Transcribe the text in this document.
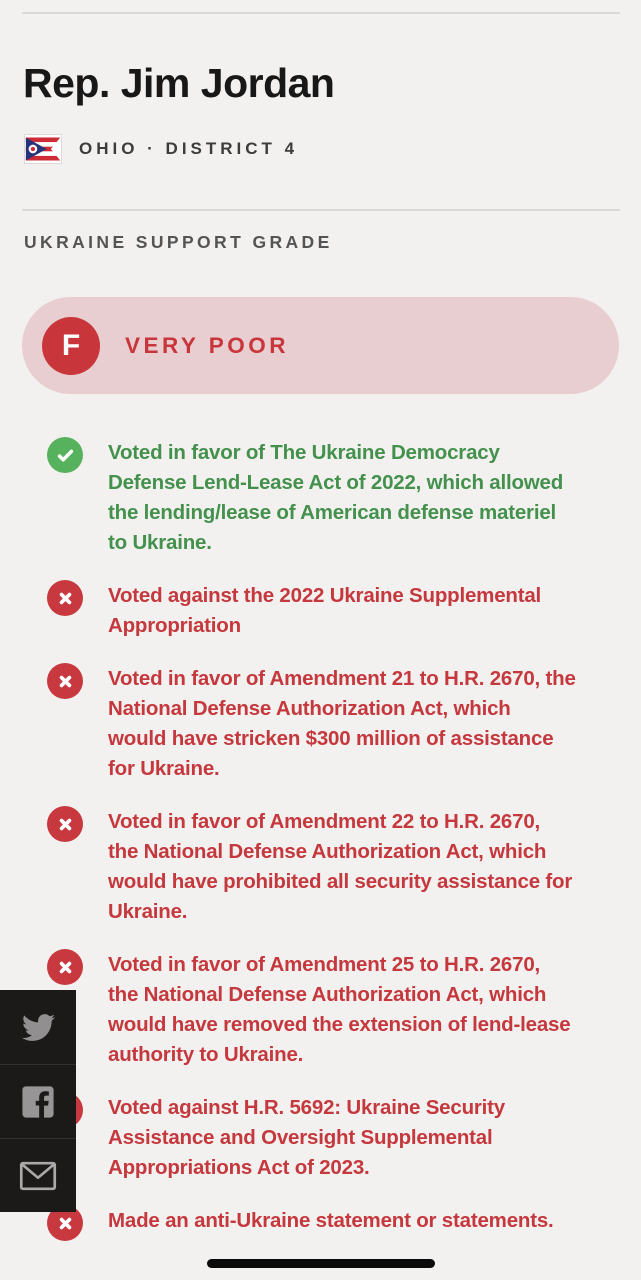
Rep. Jim Jordan
OHIO · DISTRICT 4
UKRAINE SUPPORT GRADE
F VERY POOR
Voted in favor of The Ukraine Democracy
Defense Lend-Lease Act of 2022, which allowed
the lending/lease of American defense materiel
to Ukraine.
Voted against the 2022 Ukraine Supplemental
Appropriation
Voted in favor of Amendment 21 to H.R. 2670, the
National Defense Authorization Act, which
would have stricken $300 million of assistance
for Ukraine.
Voted in favor of Amendment 22 to H.R. 2670,
the National Defense Authorization Act, which
would have prohibited all security assistance for
Ukraine.
Voted in favor of Amendment 25 to H.R. 2670,
the National Defense Authorization Act, which
would have removed the extension of lend-lease
authority to Ukraine.
Voted against H.R. 5692: Ukraine Security
Assistance and Oversight Supplemental
Appropriations Act of 2023.
Made an anti-Ukraine statement or statements.
